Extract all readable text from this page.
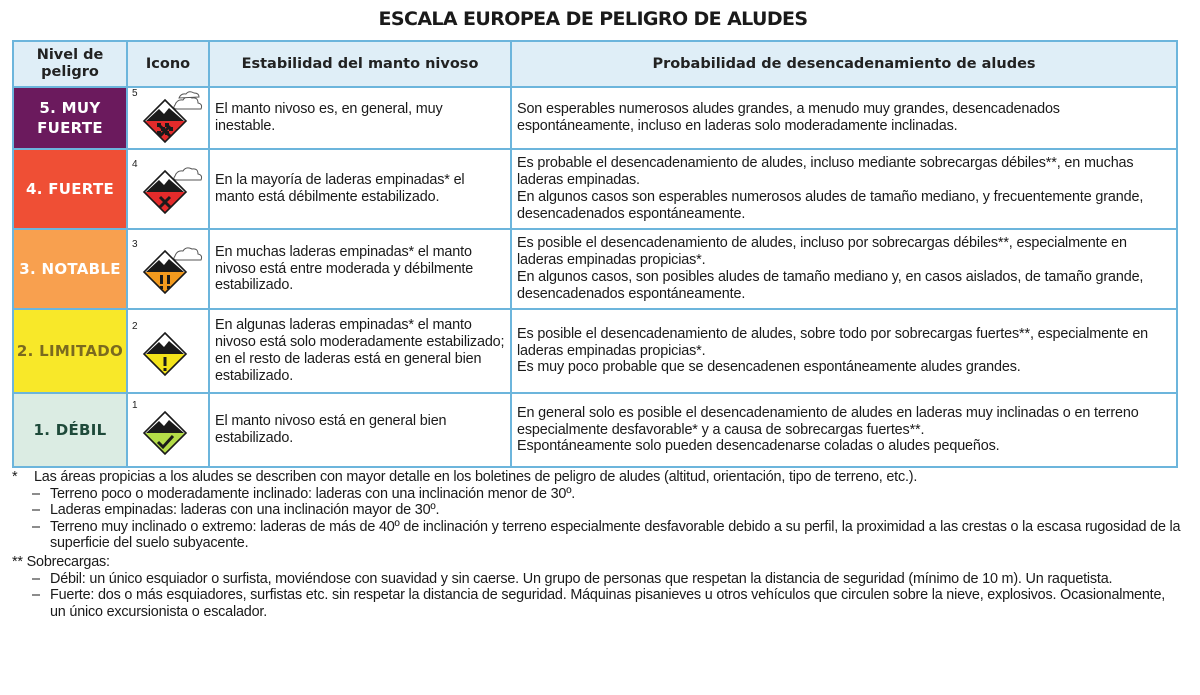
ESCALA EUROPEA DE PELIGRO DE ALUDES
Nivel de peligro	Icono	Estabilidad del manto nivoso	Probabilidad de desencadenamiento de aludes
5. MUY FUERTE	5	El manto nivoso es, en general, muy inestable.	Son esperables numerosos aludes grandes, a menudo muy grandes, desencadenados espontáneamente, incluso en laderas solo moderadamente inclinadas.

4. FUERTE	4	En la mayoría de laderas empinadas* el manto está débilmente estabilizado.	Es probable el desencadenamiento de aludes, incluso mediante sobrecargas débiles**, en muchas laderas empinadas.
En algunos casos son esperables numerosos aludes de tamaño mediano, y frecuentemente grande, desencadenados espontáneamente.

3. NOTABLE	3	En muchas laderas empinadas* el manto nivoso está entre moderada y débilmente estabilizado.	Es posible el desencadenamiento de aludes, incluso por sobrecargas débiles**, especialmente en laderas empinadas propicias*.
En algunos casos, son posibles aludes de tamaño mediano y, en casos aislados, de tamaño grande, desencadenados espontáneamente.

2. LIMITADO	2	En algunas laderas empinadas* el manto nivoso está solo moderadamente estabilizado; en el resto de laderas está en general bien estabilizado.	Es posible el desencadenamiento de aludes, sobre todo por sobrecargas fuertes**, especialmente en laderas empinadas propicias*.
Es muy poco probable que se desencadenen espontáneamente aludes grandes.

1. DÉBIL	1	El manto nivoso está en general bien estabilizado.	En general solo es posible el desencadenamiento de aludes en laderas muy inclinadas o en terreno especialmente desfavorable* y a causa de sobrecargas fuertes**.
Espontáneamente solo pueden desencadenarse coladas o aludes pequeños.
* Las áreas propicias a los aludes se describen con mayor detalle en los boletines de peligro de aludes (altitud, orientación, tipo de terreno, etc.).
– Terreno poco o moderadamente inclinado: laderas con una inclinación menor de 30º.
– Laderas empinadas: laderas con una inclinación mayor de 30º.
– Terreno muy inclinado o extremo: laderas de más de 40º de inclinación y terreno especialmente desfavorable debido a su perfil, la proximidad a las crestas o la escasa rugosidad de la superficie del suelo subyacente.
** Sobrecargas:
– Débil: un único esquiador o surfista, moviéndose con suavidad y sin caerse. Un grupo de personas que respetan la distancia de seguridad (mínimo de 10 m). Un raquetista.
– Fuerte: dos o más esquiadores, surfistas etc. sin respetar la distancia de seguridad. Máquinas pisanieves u otros vehículos que circulen sobre la nieve, explosivos. Ocasionalmente, un único excursionista o escalador.
